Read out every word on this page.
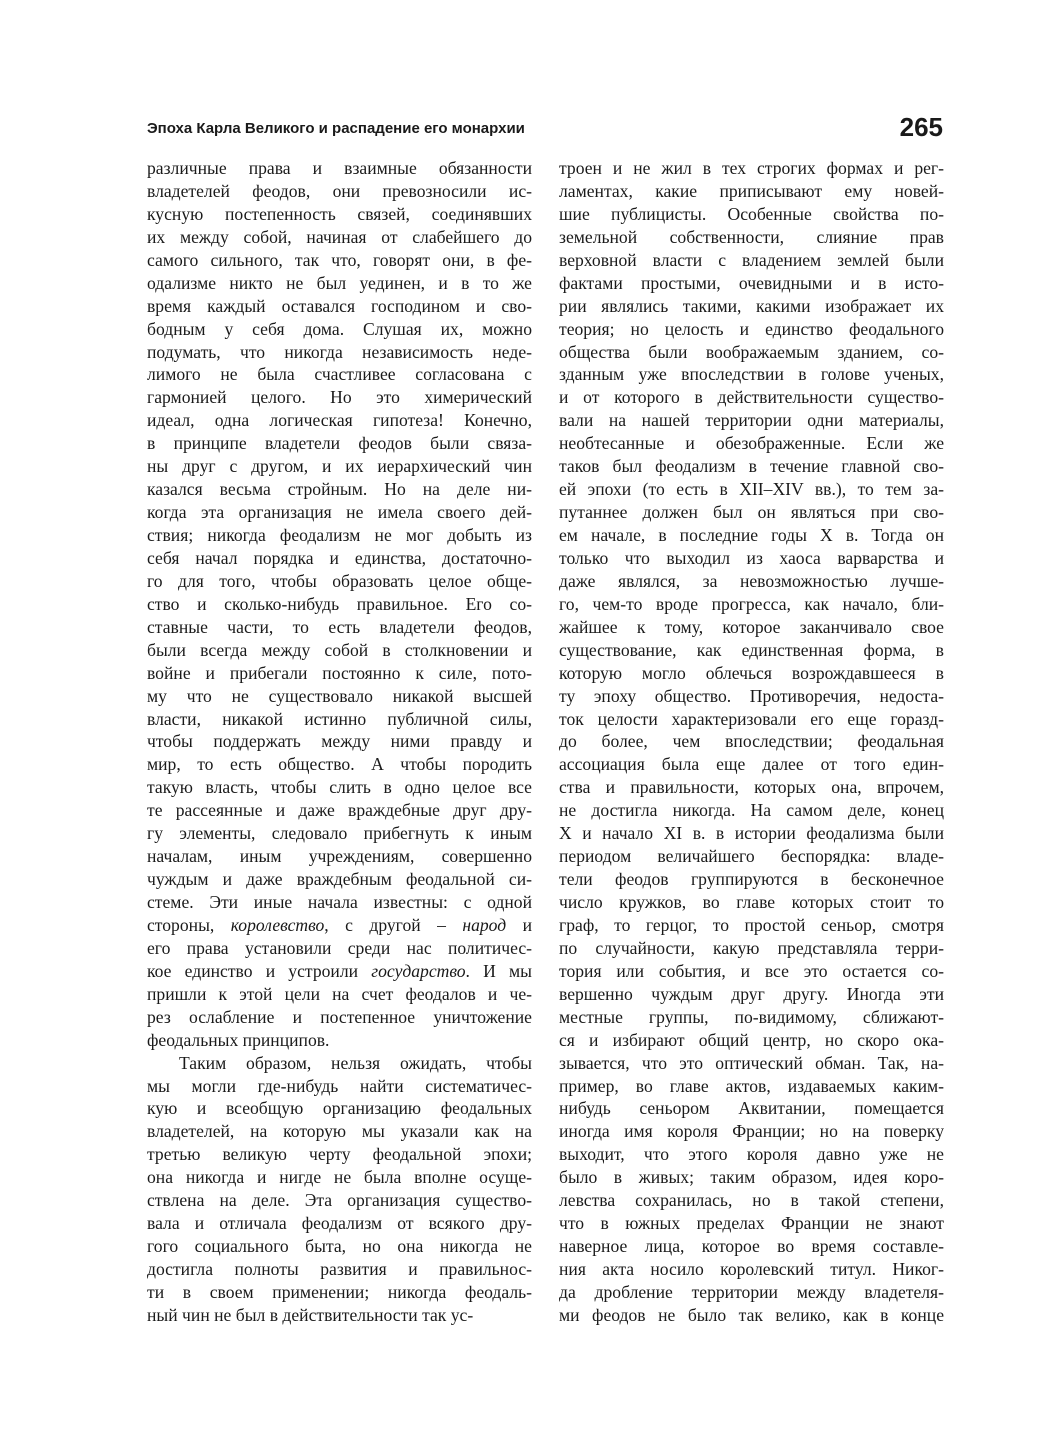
Эпоха Карла Великого и распадение его монархии	265
различные права и взаимные обязанности
владетелей феодов, они превозносили ис-
кусную постепенность связей, соединявших
их между собой, начиная от слабейшего до
самого сильного, так что, говорят они, в фе-
одализме никто не был уединен, и в то же
время каждый оставался господином и сво-
бодным у себя дома. Слушая их, можно
подумать, что никогда независимость неде-
лимого не была счастливее согласована с
гармонией целого. Но это химерический
идеал, одна логическая гипотеза! Конечно,
в принципе владетели феодов были связа-
ны друг с другом, и их иерархический чин
казался весьма стройным. Но на деле ни-
когда эта организация не имела своего дей-
ствия; никогда феодализм не мог добыть из
себя начал порядка и единства, достаточно-
го для того, чтобы образовать целое обще-
ство и сколько-нибудь правильное. Его со-
ставные части, то есть владетели феодов,
были всегда между собой в столкновении и
войне и прибегали постоянно к силе, пото-
му что не существовало никакой высшей
власти, никакой истинно публичной силы,
чтобы поддержать между ними правду и
мир, то есть общество. А чтобы породить
такую власть, чтобы слить в одно целое все
те рассеянные и даже враждебные друг дру-
гу элементы, следовало прибегнуть к иным
началам, иным учреждениям, совершенно
чуждым и даже враждебным феодальной си-
стеме. Эти иные начала известны: с одной
стороны, королевство, с другой – народ и
его права установили среди нас политичес-
кое единство и устроили государство. И мы
пришли к этой цели на счет феодалов и че-
рез ослабление и постепенное уничтожение
феодальных принципов.
Таким образом, нельзя ожидать, чтобы
мы могли где-нибудь найти систематичес-
кую и всеобщую организацию феодальных
владетелей, на которую мы указали как на
третью великую черту феодальной эпохи;
она никогда и нигде не была вполне осуще-
ствлена на деле. Эта организация существо-
вала и отличала феодализм от всякого дру-
гого социального быта, но она никогда не
достигла полноты развития и правильнос-
ти в своем применении; никогда феодаль-
ный чин не был в действительности так ус-
троен и не жил в тех строгих формах и рег-
ламентах, какие приписывают ему новей-
шие публицисты. Особенные свойства по-
земельной собственности, слияние прав
верховной власти с владением землей были
фактами простыми, очевидными и в исто-
рии являлись такими, какими изображает их
теория; но целость и единство феодального
общества были воображаемым зданием, со-
зданным уже впоследствии в голове ученых,
и от которого в действительности существо-
вали на нашей территории одни материалы,
необтесанные и обезображенные. Если же
таков был феодализм в течение главной сво-
ей эпохи (то есть в XII–XIV вв.), то тем за-
путаннее должен был он являться при сво-
ем начале, в последние годы X в. Тогда он
только что выходил из хаоса варварства и
даже являлся, за невозможностью лучше-
го, чем-то вроде прогресса, как начало, бли-
жайшее к тому, которое заканчивало свое
существование, как единственная форма, в
которую могло облечься возрождавшееся в
ту эпоху общество. Противоречия, недоста-
ток целости характеризовали его еще горазд-
до более, чем впоследствии; феодальная
ассоциация была еще далее от того един-
ства и правильности, которых она, впрочем,
не достигла никогда. На самом деле, конец
X и начало XI в. в истории феодализма были
периодом величайшего беспорядка: владе-
тели феодов группируются в бесконечное
число кружков, во главе которых стоит то
граф, то герцог, то простой сеньор, смотря
по случайности, какую представляла терри-
тория или события, и все это остается со-
вершенно чуждым друг другу. Иногда эти
местные группы, по-видимому, сближают-
ся и избирают общий центр, но скоро ока-
зывается, что это оптический обман. Так, на-
пример, во главе актов, издаваемых каким-
нибудь сеньором Аквитании, помещается
иногда имя короля Франции; но на поверку
выходит, что этого короля давно уже не
было в живых; таким образом, идея коро-
левства сохранилась, но в такой степени,
что в южных пределах Франции не знают
наверное лица, которое во время составле-
ния акта носило королевский титул. Никог-
да дробление территории между владетеля-
ми феодов не было так велико, как в конце
